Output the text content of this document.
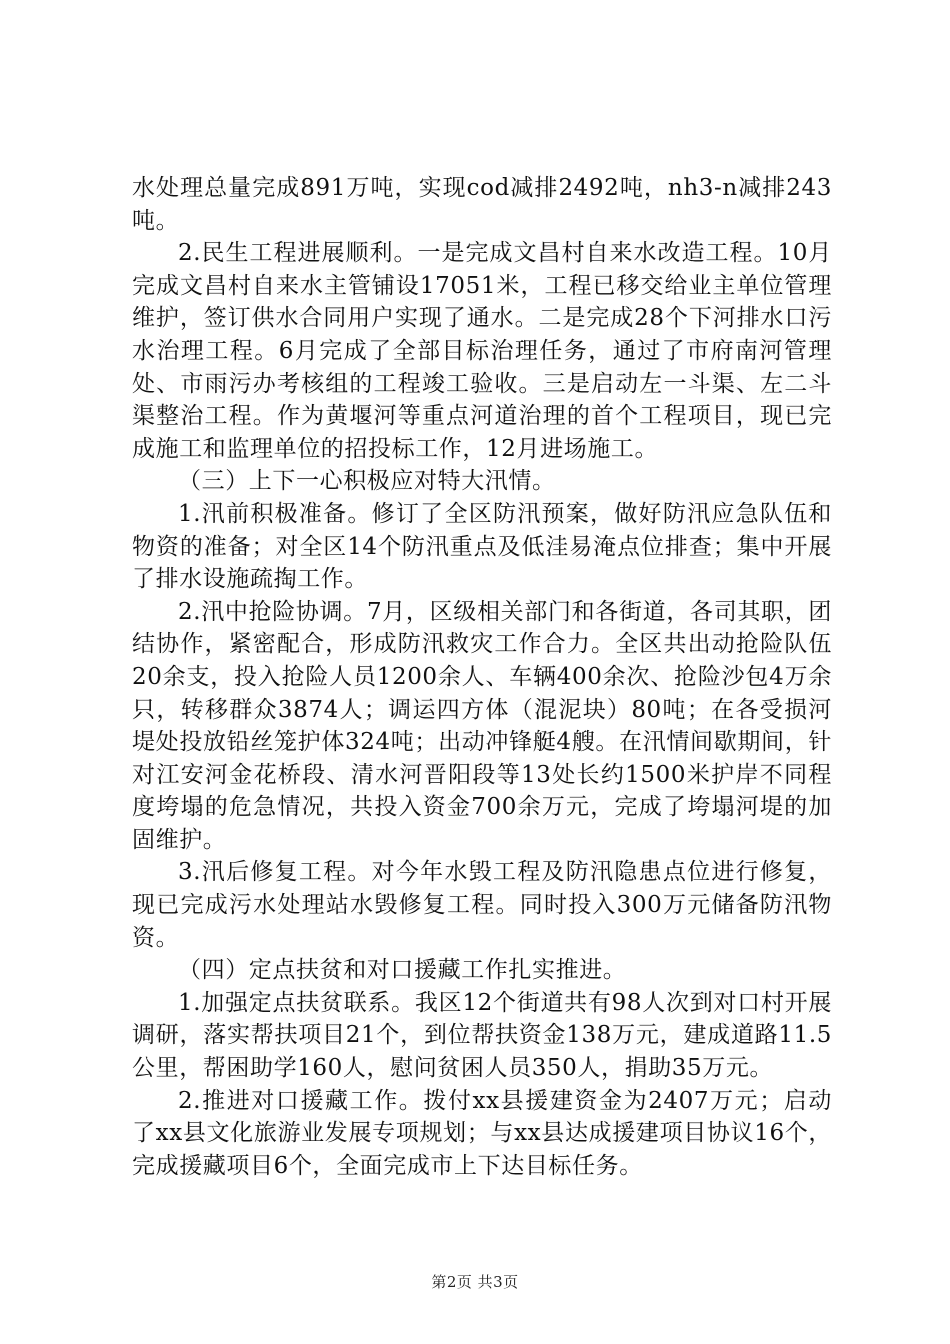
水处理总量完成891万吨，实现cod减排2492吨，nh3-n减排243吨。

2.民生工程进展顺利。一是完成文昌村自来水改造工程。10月完成文昌村自来水主管铺设17051米，工程已移交给业主单位管理维护，签订供水合同用户实现了通水。二是完成28个下河排水口污水治理工程。6月完成了全部目标治理任务，通过了市府南河管理处、市雨污办考核组的工程竣工验收。三是启动左一斗渠、左二斗渠整治工程。作为黄堰河等重点河道治理的首个工程项目，现已完成施工和监理单位的招投标工作，12月进场施工。

（三）上下一心积极应对特大汛情。

1.汛前积极准备。修订了全区防汛预案，做好防汛应急队伍和物资的准备；对全区14个防汛重点及低洼易淹点位排查；集中开展了排水设施疏掏工作。

2.汛中抢险协调。7月，区级相关部门和各街道，各司其职，团结协作，紧密配合，形成防汛救灾工作合力。全区共出动抢险队伍20余支，投入抢险人员1200余人、车辆400余次、抢险沙包4万余只，转移群众3874人；调运四方体（混泥块）80吨；在各受损河堤处投放铅丝笼护体324吨；出动冲锋艇4艘。在汛情间歇期间，针对江安河金花桥段、清水河晋阳段等13处长约1500米护岸不同程度垮塌的危急情况，共投入资金700余万元，完成了垮塌河堤的加固维护。

3.汛后修复工程。对今年水毁工程及防汛隐患点位进行修复，现已完成污水处理站水毁修复工程。同时投入300万元储备防汛物资。

（四）定点扶贫和对口援藏工作扎实推进。

1.加强定点扶贫联系。我区12个街道共有98人次到对口村开展调研，落实帮扶项目21个，到位帮扶资金138万元，建成道路11.5公里，帮困助学160人，慰问贫困人员350人，捐助35万元。

2.推进对口援藏工作。拨付xx县援建资金为2407万元；启动了xx县文化旅游业发展专项规划；与xx县达成援建项目协议16个，完成援藏项目6个，全面完成市上下达目标任务。

第2页 共3页
